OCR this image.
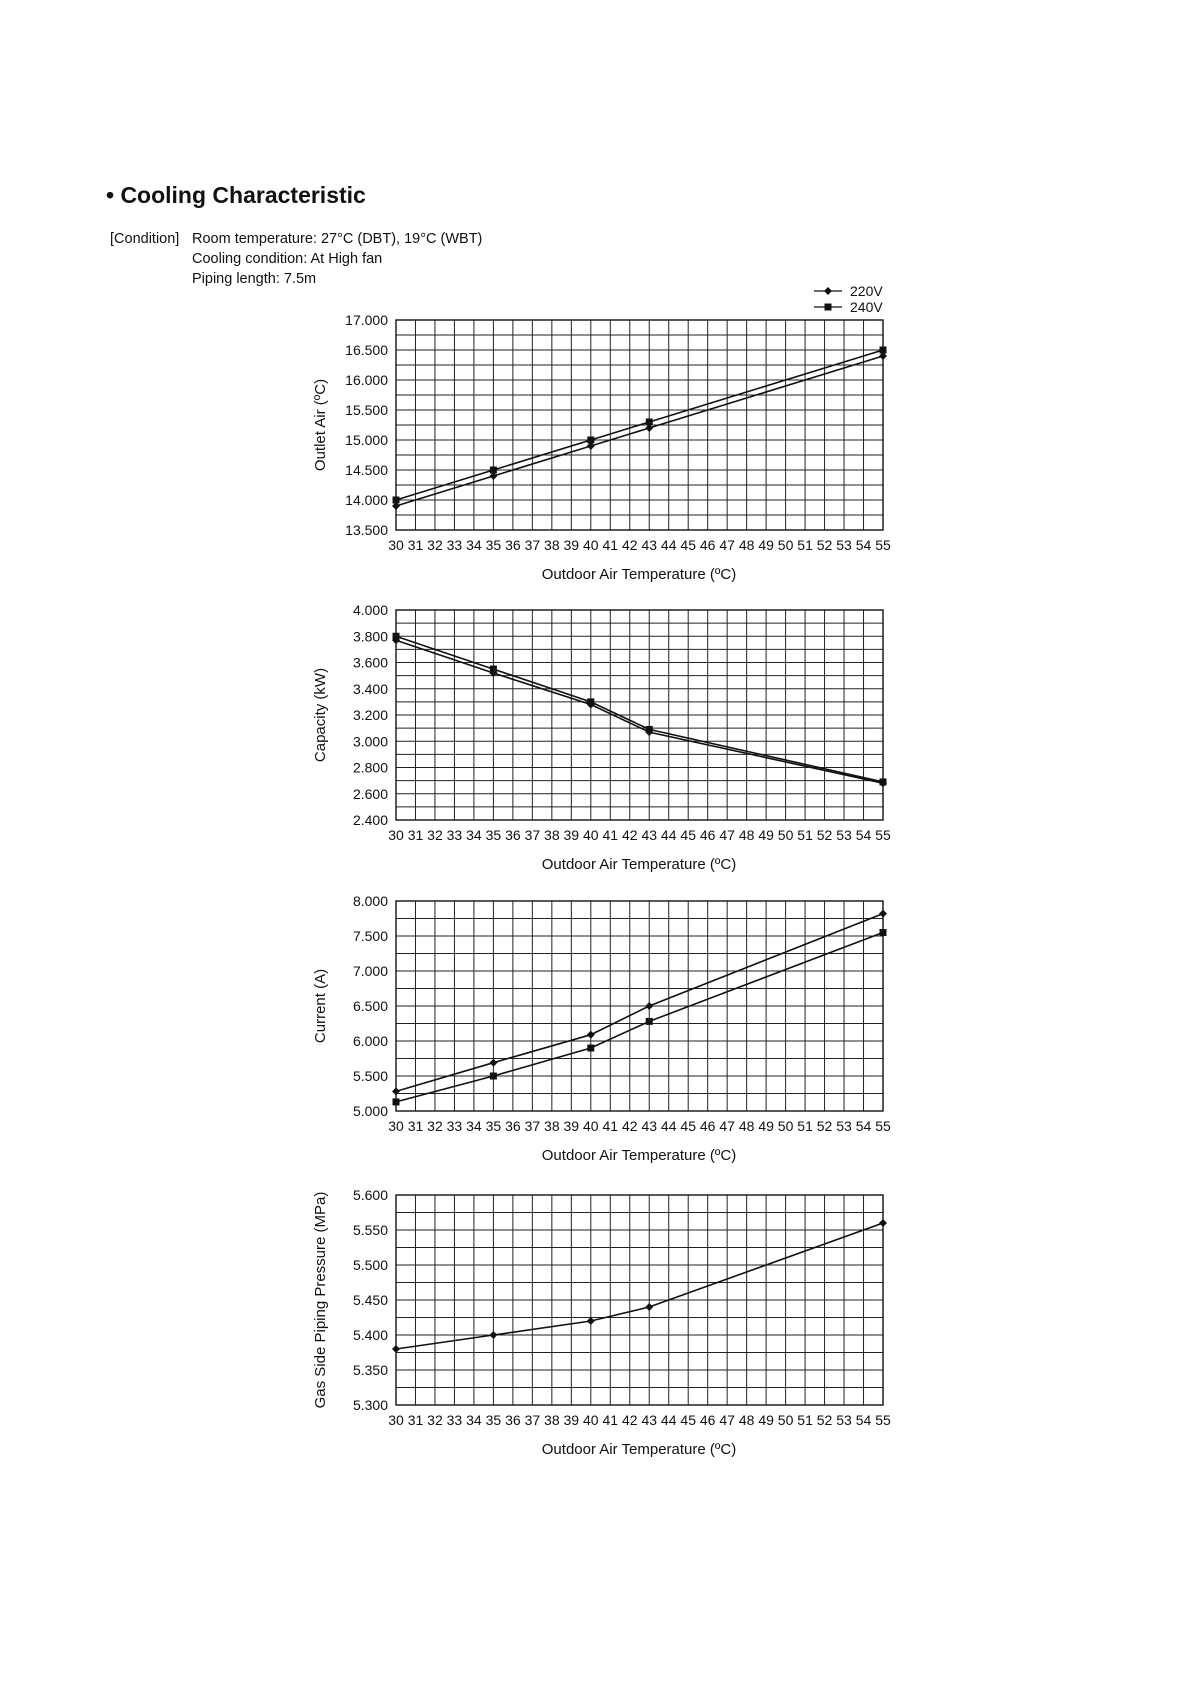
• Cooling Characteristic
[Condition] Room temperature: 27°C (DBT), 19°C (WBT)
Cooling condition: At High fan
Piping length: 7.5m
220V
240V
13.500
14.000
14.500
15.000
15.500
16.000
16.500
17.000
30 31 32 33 34 35 36 37 38 39 40 41 42 43 44 45 46 47 48 49 50 51 52 53 54 55
Outdoor Air Temperature (ºC)
Outlet Air (ºC)
2.400
2.600
2.800
3.000
3.200
3.400
3.600
3.800
4.000
30 31 32 33 34 35 36 37 38 39 40 41 42 43 44 45 46 47 48 49 50 51 52 53 54 55
Outdoor Air Temperature (ºC)
Capacity (kW)
5.000
5.500
6.000
6.500
7.000
7.500
8.000
30 31 32 33 34 35 36 37 38 39 40 41 42 43 44 45 46 47 48 49 50 51 52 53 54 55
Outdoor Air Temperature (ºC)
Current (A)
5.300
5.350
5.400
5.450
5.500
5.550
5.600
30 31 32 33 34 35 36 37 38 39 40 41 42 43 44 45 46 47 48 49 50 51 52 53 54 55
Outdoor Air Temperature (ºC)
Gas Side Piping Pressure (MPa)
